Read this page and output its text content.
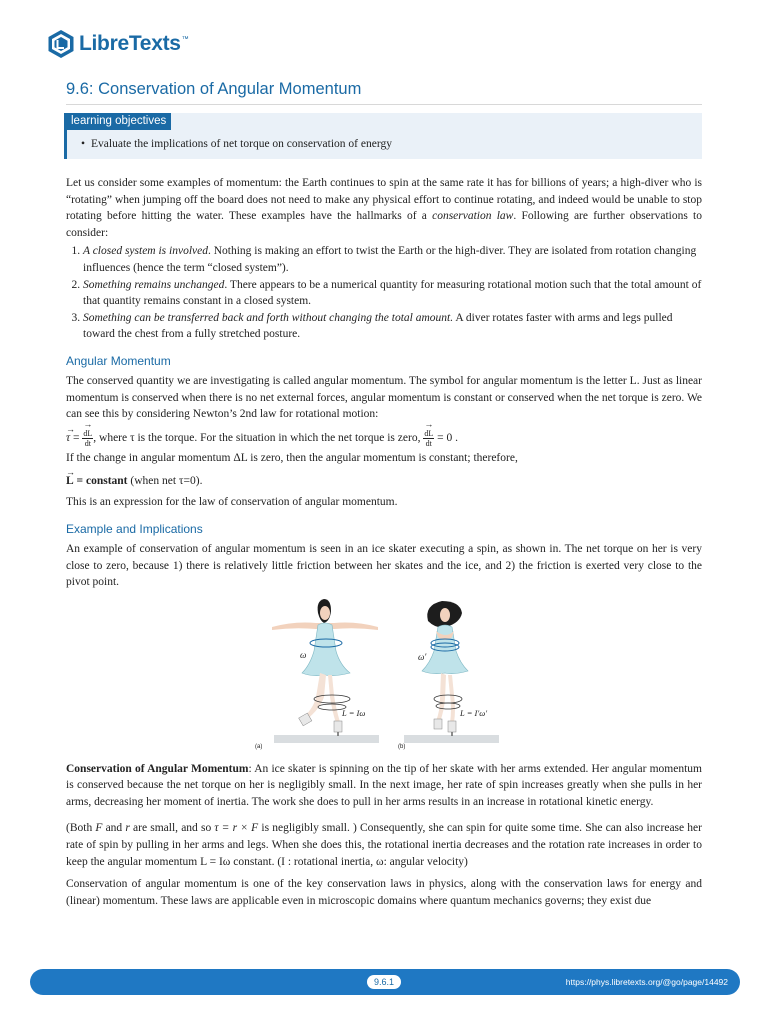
LibreTexts ™
9.6: Conservation of Angular Momentum
learning objectives
• Evaluate the implications of net torque on conservation of energy

Let us consider some examples of momentum: the Earth continues to spin at the same rate it has for billions of years; a high-diver who is “rotating” when jumping off the board does not need to make any physical effort to continue rotating, and indeed would be unable to stop rotating before hitting the water. These examples have the hallmarks of a conservation law. Following are further observations to consider:

1. A closed system is involved. Nothing is making an effort to twist the Earth or the high-diver. They are isolated from rotation changing influences (hence the term “closed system”).
2. Something remains unchanged. There appears to be a numerical quantity for measuring rotational motion such that the total amount of that quantity remains constant in a closed system.
3. Something can be transferred back and forth without changing the total amount. A diver rotates faster with arms and legs pulled toward the chest from a fully stretched posture.
Angular Momentum

The conserved quantity we are investigating is called angular momentum. The symbol for angular momentum is the letter L. Just as linear momentum is conserved when there is no net external forces, angular momentum is constant or conserved when the net torque is zero. We can see this by considering Newton’s 2nd law for rotational motion:

→ τ = → $\frac{dL}{dt}$ , where τ is the torque. For the situation in which the net torque is zero, → $\frac{dL}{dt} = 0$ .

If the change in angular momentum ΔL is zero, then the angular momentum is constant; therefore,

→ L = constant (when net τ=0).

This is an expression for the law of conservation of angular momentum.

Example and Implications

An example of conservation of angular momentum is seen in an ice skater executing a spin, as shown in. The net torque on her is very close to zero, because 1) there is relatively little friction between her skates and the ice, and 2) the friction is exerted very close to the pivot point.

ω
L = Iω
(a)
ω′
L = I′ω′
(b)

Conservation of Angular Momentum: An ice skater is spinning on the tip of her skate with her arms extended. Her angular momentum is conserved because the net torque on her is negligibly small. In the next image, her rate of spin increases greatly when she pulls in her arms, decreasing her moment of inertia. The work she does to pull in her arms results in an increase in rotational kinetic energy.

(Both F and r are small, and so τ = r × F is negligibly small. ) Consequently, she can spin for quite some time. She can also increase her rate of spin by pulling in her arms and legs. When she does this, the rotational inertia decreases and the rotation rate increases in order to keep the angular momentum L = Iω constant. (I : rotational inertia, ω: angular velocity)

Conservation of angular momentum is one of the key conservation laws in physics, along with the conservation laws for energy and (linear) momentum. These laws are applicable even in microscopic domains where quantum mechanics governs; they exist due

9.6.1	https://phys.libretexts.org/@go/page/14492
